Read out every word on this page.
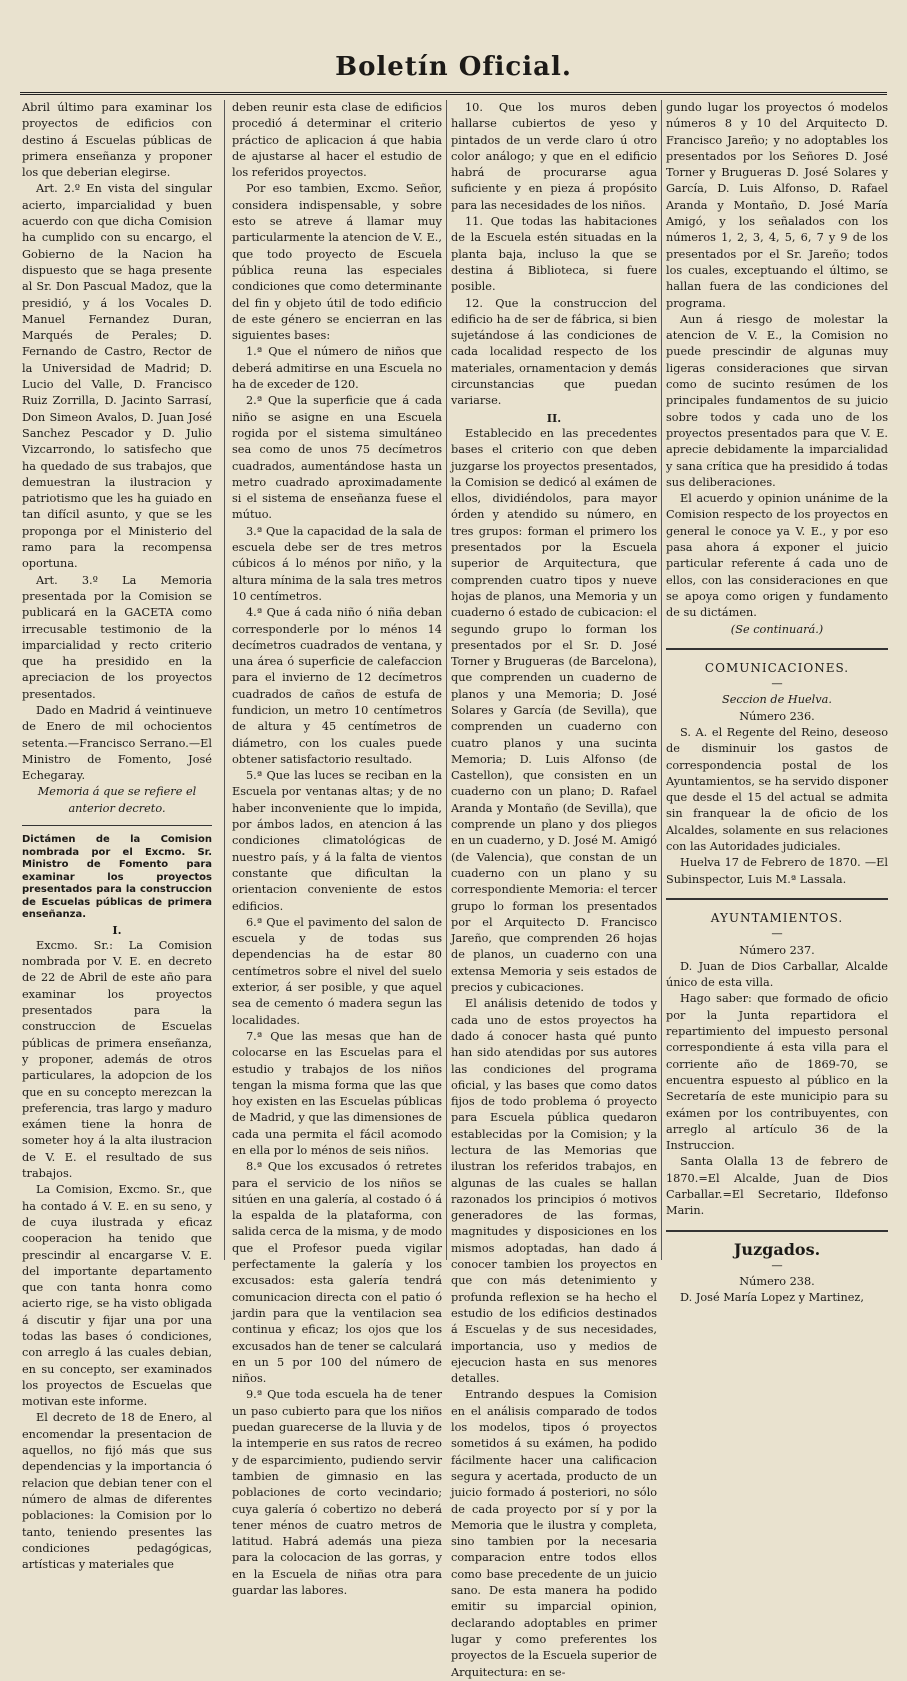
Boletín Oficial.

Abril último para examinar los proyectos de edificios con destino á Escuelas públicas de primera enseñanza y proponer los que deberian elegirse.

Art. 2.º En vista del singular acierto, imparcialidad y buen acuerdo con que dicha Comision ha cumplido con su encargo, el Gobierno de la Nacion ha dispuesto que se haga presente al Sr. Don Pascual Madoz, que la presidió, y á los Vocales D. Manuel Fernandez Duran, Marqués de Perales; D. Fernando de Castro, Rector de la Universidad de Madrid; D. Lucio del Valle, D. Francisco Ruiz Zorrilla, D. Jacinto Sarrasí, Don Simeon Avalos, D. Juan José Sanchez Pescador y D. Julio Vizcarrondo, lo satisfecho que ha quedado de sus trabajos, que demuestran la ilustracion y patriotismo que les ha guiado en tan difícil asunto, y que se les proponga por el Ministerio del ramo para la recompensa oportuna.

Art. 3.º La Memoria presentada por la Comision se publicará en la GACETA como irrecusable testimonio de la imparcialidad y recto criterio que ha presidido en la apreciacion de los proyectos presentados.

Dado en Madrid á veintinueve de Enero de mil ochocientos setenta.—Francisco Serrano.—El Ministro de Fomento, José Echegaray.

Memoria á que se refiere el anterior decreto.

Dictámen de la Comision nombrada por el Excmo. Sr. Ministro de Fomento para examinar los proyectos presentados para la construccion de Escuelas públicas de primera enseñanza.

I.

Excmo. Sr.: La Comision nombrada por V. E. en decreto de 22 de Abril de este año para examinar los proyectos presentados para la construccion de Escuelas públicas de primera enseñanza, y proponer, además de otros particulares, la adopcion de los que en su concepto merezcan la preferencia, tras largo y maduro exámen tiene la honra de someter hoy á la alta ilustracion de V. E. el resultado de sus trabajos.

La Comision, Excmo. Sr., que ha contado á V. E. en su seno, y de cuya ilustrada y eficaz cooperacion ha tenido que prescindir al encargarse V. E. del importante departamento que con tanta honra como acierto rige, se ha visto obligada á discutir y fijar una por una todas las bases ó condiciones, con arreglo á las cuales debian, en su concepto, ser examinados los proyectos de Escuelas que motivan este informe.

El decreto de 18 de Enero, al encomendar la presentacion de aquellos, no fijó más que sus dependencias y la importancia ó relacion que debian tener con el número de almas de diferentes poblaciones: la Comision por lo tanto, teniendo presentes las condiciones pedagógicas, artísticas y materiales que

deben reunir esta clase de edificios procedió á determinar el criterio práctico de aplicacion á que habia de ajustarse al hacer el estudio de los referidos proyectos.

Por eso tambien, Excmo. Señor, considera indispensable, y sobre esto se atreve á llamar muy particularmente la atencion de V. E., que todo proyecto de Escuela pública reuna las especiales condiciones que como determinante del fin y objeto útil de todo edificio de este género se encierran en las siguientes bases:

1.ª Que el número de niños que deberá admitirse en una Escuela no ha de exceder de 120.

2.ª Que la superficie que á cada niño se asigne en una Escuela rogida por el sistema simultáneo sea como de unos 75 decímetros cuadrados, aumentándose hasta un metro cuadrado aproximadamente si el sistema de enseñanza fuese el mútuo.

3.ª Que la capacidad de la sala de escuela debe ser de tres metros cúbicos á lo ménos por niño, y la altura mínima de la sala tres metros 10 centímetros.

4.ª Que á cada niño ó niña deban corresponderle por lo ménos 14 decímetros cuadrados de ventana, y una área ó superficie de calefaccion para el invierno de 12 decímetros cuadrados de caños de estufa de fundicion, un metro 10 centímetros de altura y 45 centímetros de diámetro, con los cuales puede obtener satisfactorio resultado.

5.ª Que las luces se reciban en la Escuela por ventanas altas; y de no haber inconveniente que lo impida, por ámbos lados, en atencion á las condiciones climatológicas de nuestro país, y á la falta de vientos constante que dificultan la orientacion conveniente de estos edificios.

6.ª Que el pavimento del salon de escuela y de todas sus dependencias ha de estar 80 centímetros sobre el nivel del suelo exterior, á ser posible, y que aquel sea de cemento ó madera segun las localidades.

7.ª Que las mesas que han de colocarse en las Escuelas para el estudio y trabajos de los niños tengan la misma forma que las que hoy existen en las Escuelas públicas de Madrid, y que las dimensiones de cada una permita el fácil acomodo en ella por lo ménos de seis niños.

8.ª Que los excusados ó retretes para el servicio de los niños se sitúen en una galería, al costado ó á la espalda de la plataforma, con salida cerca de la misma, y de modo que el Profesor pueda vigilar perfectamente la galería y los excusados: esta galería tendrá comunicacion directa con el patio ó jardin para que la ventilacion sea continua y eficaz; los ojos que los excusados han de tener se calculará en un 5 por 100 del número de niños.

9.ª Que toda escuela ha de tener un paso cubierto para que los niños puedan guarecerse de la lluvia y de la intemperie en sus ratos de recreo y de esparcimiento, pudiendo servir tambien de gimnasio en las poblaciones de corto vecindario; cuya galería ó cobertizo no deberá tener ménos de cuatro metros de latitud. Habrá además una pieza para la colocacion de las gorras, y en la Escuela de niñas otra para guardar las labores.

10. Que los muros deben hallarse cubiertos de yeso y pintados de un verde claro ú otro color análogo; y que en el edificio habrá de procurarse agua suficiente y en pieza á propósito para las necesidades de los niños.

11. Que todas las habitaciones de la Escuela estén situadas en la planta baja, incluso la que se destina á Biblioteca, si fuere posible.

12. Que la construccion del edificio ha de ser de fábrica, si bien sujetándose á las condiciones de cada localidad respecto de los materiales, ornamentacion y demás circunstancias que puedan variarse.

II.

Establecido en las precedentes bases el criterio con que deben juzgarse los proyectos presentados, la Comision se dedicó al exámen de ellos, dividiéndolos, para mayor órden y atendido su número, en tres grupos: forman el primero los presentados por la Escuela superior de Arquitectura, que comprenden cuatro tipos y nueve hojas de planos, una Memoria y un cuaderno ó estado de cubicacion: el segundo grupo lo forman los presentados por el Sr. D. José Torner y Brugueras (de Barcelona), que comprenden un cuaderno de planos y una Memoria; D. José Solares y García (de Sevilla), que comprenden un cuaderno con cuatro planos y una sucinta Memoria; D. Luis Alfonso (de Castellon), que consisten en un cuaderno con un plano; D. Rafael Aranda y Montaño (de Sevilla), que comprende un plano y dos pliegos en un cuaderno, y D. José M. Amigó (de Valencia), que constan de un cuaderno con un plano y su correspondiente Memoria: el tercer grupo lo forman los presentados por el Arquitecto D. Francisco Jareño, que comprenden 26 hojas de planos, un cuaderno con una extensa Memoria y seis estados de precios y cubicaciones.

El análisis detenido de todos y cada uno de estos proyectos ha dado á conocer hasta qué punto han sido atendidas por sus autores las condiciones del programa oficial, y las bases que como datos fijos de todo problema ó proyecto para Escuela pública quedaron establecidas por la Comision; y la lectura de las Memorias que ilustran los referidos trabajos, en algunas de las cuales se hallan razonados los principios ó motivos generadores de las formas, magnitudes y disposiciones en los mismos adoptadas, han dado á conocer tambien los proyectos en que con más detenimiento y profunda reflexion se ha hecho el estudio de los edificios destinados á Escuelas y de sus necesidades, importancia, uso y medios de ejecucion hasta en sus menores detalles.

Entrando despues la Comision en el análisis comparado de todos los modelos, tipos ó proyectos sometidos á su exámen, ha podido fácilmente hacer una calificacion segura y acertada, producto de un juicio formado á posteriori, no sólo de cada proyecto por sí y por la Memoria que le ilustra y completa, sino tambien por la necesaria comparacion entre todos ellos como base precedente de un juicio sano. De esta manera ha podido emitir su imparcial opinion, declarando adoptables en primer lugar y como preferentes los proyectos de la Escuela superior de Arquitectura: en se-

gundo lugar los proyectos ó modelos números 8 y 10 del Arquitecto D. Francisco Jareño; y no adoptables los presentados por los Señores D. José Torner y Brugueras D. José Solares y García, D. Luis Alfonso, D. Rafael Aranda y Montaño, D. José María Amigó, y los señalados con los números 1, 2, 3, 4, 5, 6, 7 y 9 de los presentados por el Sr. Jareño; todos los cuales, exceptuando el último, se hallan fuera de las condiciones del programa.

Aun á riesgo de molestar la atencion de V. E., la Comision no puede prescindir de algunas muy ligeras consideraciones que sirvan como de sucinto resúmen de los principales fundamentos de su juicio sobre todos y cada uno de los proyectos presentados para que V. E. aprecie debidamente la imparcialidad y sana crítica que ha presidido á todas sus deliberaciones.

El acuerdo y opinion unánime de la Comision respecto de los proyectos en general le conoce ya V. E., y por eso pasa ahora á exponer el juicio particular referente á cada uno de ellos, con las consideraciones en que se apoya como origen y fundamento de su dictámen.

(Se continuará.)

COMUNICACIONES.

—

Seccion de Huelva.

Número 236.

S. A. el Regente del Reino, deseoso de disminuir los gastos de correspondencia postal de los Ayuntamientos, se ha servido disponer que desde el 15 del actual se admita sin franquear la de oficio de los Alcaldes, solamente en sus relaciones con las Autoridades judiciales.

Huelva 17 de Febrero de 1870. —El Subinspector, Luis M.ª Lassala.

AYUNTAMIENTOS.

—

Número 237.

D. Juan de Dios Carballar, Alcalde único de esta villa.

Hago saber: que formado de oficio por la Junta repartidora el repartimiento del impuesto personal correspondiente á esta villa para el corriente año de 1869-70, se encuentra espuesto al público en la Secretaría de este municipio para su exámen por los contribuyentes, con arreglo al artículo 36 de la Instruccion.

Santa Olalla 13 de febrero de 1870.=El Alcalde, Juan de Dios Carballar.=El Secretario, Ildefonso Marin.

Juzgados.

—

Número 238.

D. José María Lopez y Martinez,
